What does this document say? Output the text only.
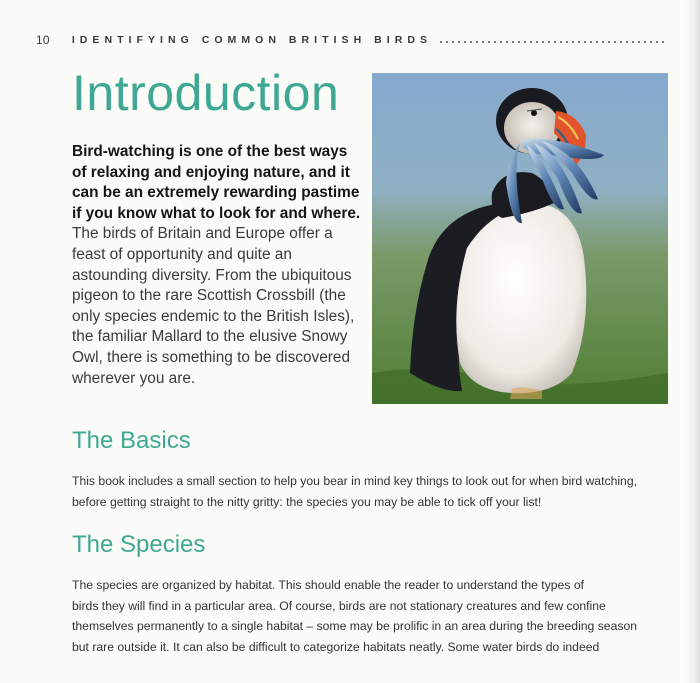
10 IDENTIFYING COMMON BRITISH BIRDS
Introduction
Bird-watching is one of the best ways of relaxing and enjoying nature, and it can be an extremely rewarding pastime if you know what to look for and where. The birds of Britain and Europe offer a feast of opportunity and quite an astounding diversity. From the ubiquitous pigeon to the rare Scottish Crossbill (the only species endemic to the British Isles), the familiar Mallard to the elusive Snowy Owl, there is something to be discovered wherever you are.
The Basics
This book includes a small section to help you bear in mind key things to look out for when bird watching,
before getting straight to the nitty gritty: the species you may be able to tick off your list!
The Species
The species are organized by habitat. This should enable the reader to understand the types of
birds they will find in a particular area. Of course, birds are not stationary creatures and few confine
themselves permanently to a single habitat – some may be prolific in an area during the breeding season
but rare outside it. It can also be difficult to categorize habitats neatly. Some water birds do indeed
